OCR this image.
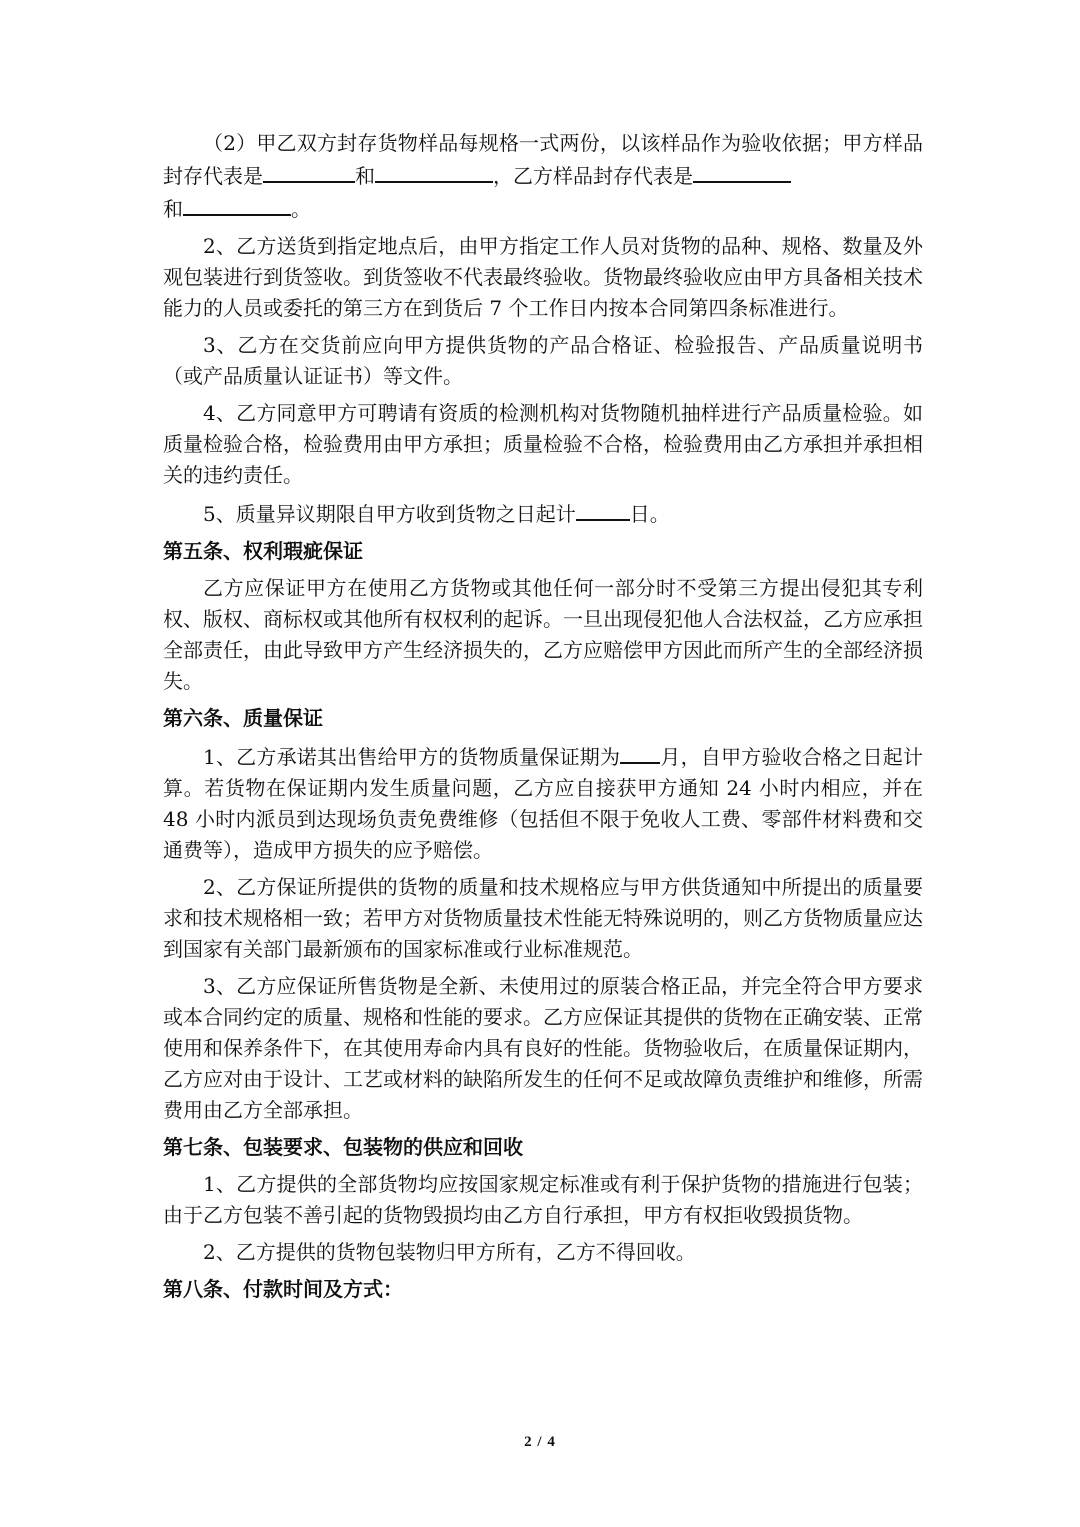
（2）甲乙双方封存货物样品每规格一式两份，以该样品作为验收依据；甲方样品封存代表是	和	，乙方样品封存代表是
和	。

2、乙方送货到指定地点后，由甲方指定工作人员对货物的品种、规格、数量及外观包装进行到货签收。到货签收不代表最终验收。货物最终验收应由甲方具备相关技术能力的人员或委托的第三方在到货后 7 个工作日内按本合同第四条标准进行。

3、乙方在交货前应向甲方提供货物的产品合格证、检验报告、产品质量说明书（或产品质量认证证书）等文件。

4、乙方同意甲方可聘请有资质的检测机构对货物随机抽样进行产品质量检验。如质量检验合格，检验费用由甲方承担；质量检验不合格，检验费用由乙方承担并承担相关的违约责任。

5、质量异议期限自甲方收到货物之日起计	日。

第五条、权利瑕疵保证

乙方应保证甲方在使用乙方货物或其他任何一部分时不受第三方提出侵犯其专利权、版权、商标权或其他所有权权利的起诉。一旦出现侵犯他人合法权益，乙方应承担全部责任，由此导致甲方产生经济损失的，乙方应赔偿甲方因此而所产生的全部经济损失。

第六条、质量保证

1、乙方承诺其出售给甲方的货物质量保证期为 月，自甲方验收合格之日起计算。若货物在保证期内发生质量问题，乙方应自接获甲方通知 24 小时内相应，并在 48 小时内派员到达现场负责免费维修（包括但不限于免收人工费、零部件材料费和交通费等），造成甲方损失的应予赔偿。

2、乙方保证所提供的货物的质量和技术规格应与甲方供货通知中所提出的质量要求和技术规格相一致；若甲方对货物质量技术性能无特殊说明的，则乙方货物质量应达到国家有关部门最新颁布的国家标准或行业标准规范。

3、乙方应保证所售货物是全新、未使用过的原装合格正品，并完全符合甲方要求或本合同约定的质量、规格和性能的要求。乙方应保证其提供的货物在正确安装、正常使用和保养条件下，在其使用寿命内具有良好的性能。货物验收后，在质量保证期内，乙方应对由于设计、工艺或材料的缺陷所发生的任何不足或故障负责维护和维修，所需费用由乙方全部承担。

第七条、包装要求、包装物的供应和回收

1、乙方提供的全部货物均应按国家规定标准或有利于保护货物的措施进行包装；由于乙方包装不善引起的货物毁损均由乙方自行承担，甲方有权拒收毁损货物。

2、乙方提供的货物包装物归甲方所有，乙方不得回收。

第八条、付款时间及方式：
2 / 4
